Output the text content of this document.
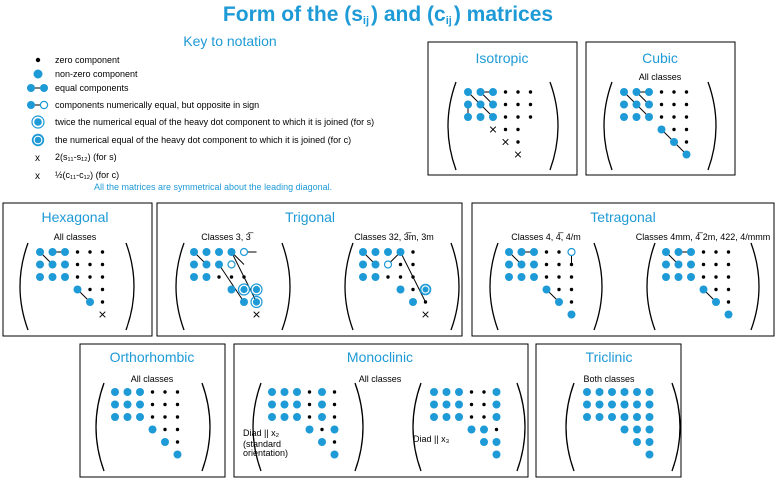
Form of the (sij) and (cij) matrices
Key to notation
zero component
non-zero component
equal components
components numerically equal, but opposite in sign
twice the numerical equal of the heavy dot component to which it is joined (for s)
the numerical equal of the heavy dot component to which it is joined (for c)
x 2(s₁₁-s₁₂) (for s)
x ½(c₁₁-c₁₂) (for c)
All the matrices are symmetrical about the leading diagonal.
Isotropic	Cubic
All classes
Hexagonal
All classes
Trigonal
Classes 3, 3̅	Classes 32, 3̅m, 3m
Tetragonal
Classes 4, 4̅, 4/m	Classes 4mm, 4̅ 2m, 422, 4/mmm
Orthorhombic
All classes
Monoclinic
All classes
Diad || x₂
(standard
orientation)
Diad || x₃
Triclinic
Both classes
